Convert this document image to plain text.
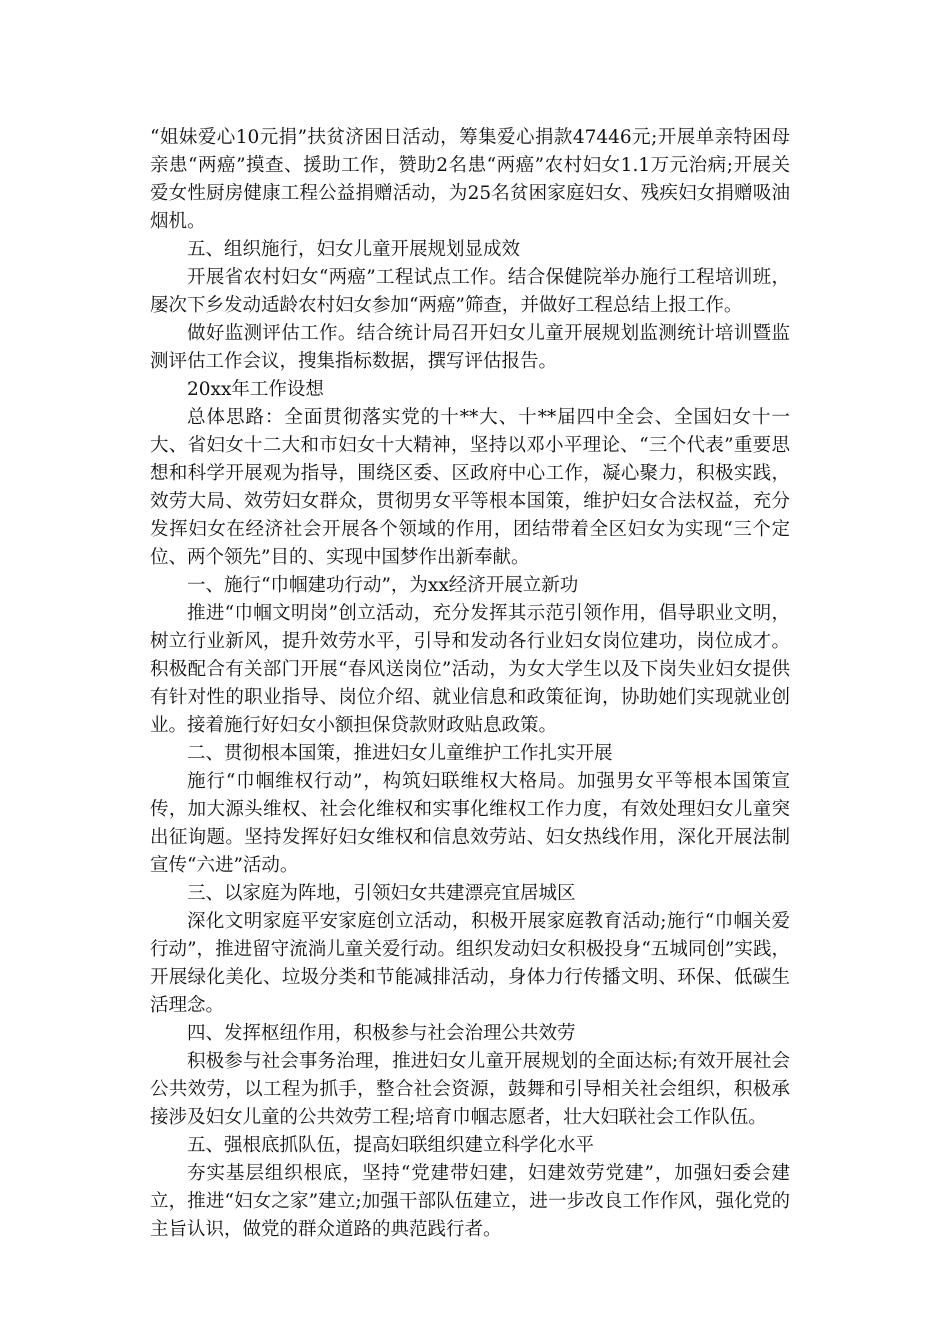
“姐妹爱心10元捐”扶贫济困日活动，筹集爱心捐款47446元;开展单亲特困母亲患“两癌”摸查、援助工作，赞助2名患“两癌”农村妇女1.1万元治病;开展关爱女性厨房健康工程公益捐赠活动，为25名贫困家庭妇女、残疾妇女捐赠吸油烟机。

五、组织施行，妇女儿童开展规划显成效

开展省农村妇女“两癌”工程试点工作。结合保健院举办施行工程培训班，屡次下乡发动适龄农村妇女参加“两癌”筛查，并做好工程总结上报工作。

做好监测评估工作。结合统计局召开妇女儿童开展规划监测统计培训暨监测评估工作会议，搜集指标数据，撰写评估报告。

20xx年工作设想

总体思路：全面贯彻落实党的十**大、十**届四中全会、全国妇女十一大、省妇女十二大和市妇女十大精神，坚持以邓小平理论、“三个代表”重要思想和科学开展观为指导，围绕区委、区政府中心工作，凝心聚力，积极实践，效劳大局、效劳妇女群众，贯彻男女平等根本国策，维护妇女合法权益，充分发挥妇女在经济社会开展各个领域的作用，团结带着全区妇女为实现“三个定位、两个领先”目的、实现中国梦作出新奉献。

一、施行“巾帼建功行动”，为xx经济开展立新功

推进“巾帼文明岗”创立活动，充分发挥其示范引领作用，倡导职业文明，树立行业新风，提升效劳水平，引导和发动各行业妇女岗位建功，岗位成才。积极配合有关部门开展“春风送岗位”活动，为女大学生以及下岗失业妇女提供有针对性的职业指导、岗位介绍、就业信息和政策征询，协助她们实现就业创业。接着施行好妇女小额担保贷款财政贴息政策。

二、贯彻根本国策，推进妇女儿童维护工作扎实开展

施行“巾帼维权行动”，构筑妇联维权大格局。加强男女平等根本国策宣传，加大源头维权、社会化维权和实事化维权工作力度，有效处理妇女儿童突出征询题。坚持发挥好妇女维权和信息效劳站、妇女热线作用，深化开展法制宣传“六进”活动。

三、以家庭为阵地，引领妇女共建漂亮宜居城区

深化文明家庭平安家庭创立活动，积极开展家庭教育活动;施行“巾帼关爱行动”，推进留守流淌儿童关爱行动。组织发动妇女积极投身“五城同创”实践，开展绿化美化、垃圾分类和节能减排活动，身体力行传播文明、环保、低碳生活理念。

四、发挥枢纽作用，积极参与社会治理公共效劳

积极参与社会事务治理，推进妇女儿童开展规划的全面达标;有效开展社会公共效劳，以工程为抓手，整合社会资源，鼓舞和引导相关社会组织，积极承接涉及妇女儿童的公共效劳工程;培育巾帼志愿者，壮大妇联社会工作队伍。

五、强根底抓队伍，提高妇联组织建立科学化水平

夯实基层组织根底，坚持“党建带妇建，妇建效劳党建”，加强妇委会建立，推进“妇女之家”建立;加强干部队伍建立，进一步改良工作作风，强化党的主旨认识，做党的群众道路的典范践行者。
